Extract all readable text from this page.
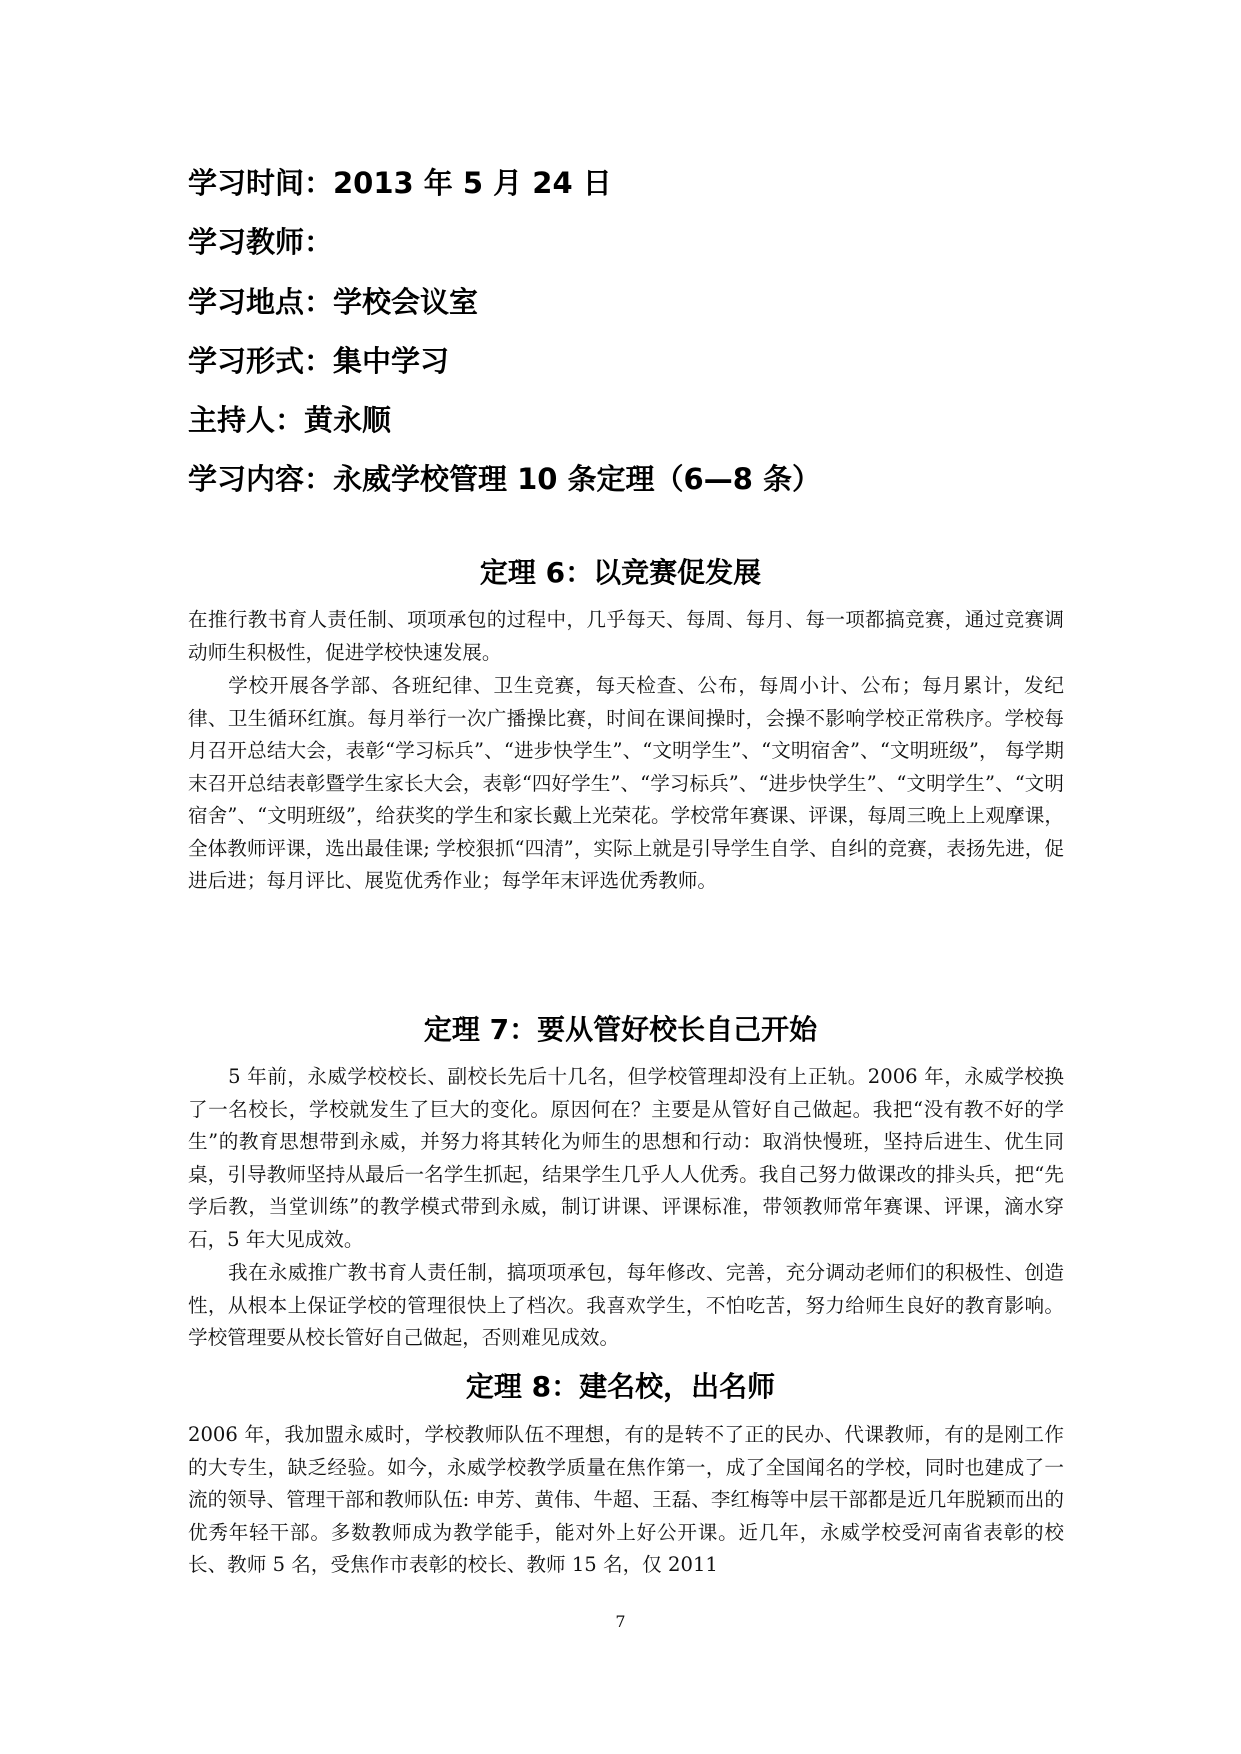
学习时间：2013 年 5 月 24 日
学习教师：
学习地点：学校会议室
学习形式：集中学习
主持人：黄永顺
学习内容：永威学校管理 10 条定理（6—8 条）
定理 6：以竞赛促发展

在推行教书育人责任制、项项承包的过程中，几乎每天、每周、每月、每一项都搞竞赛，通过竞赛调动师生积极性，促进学校快速发展。

学校开展各学部、各班纪律、卫生竞赛，每天检查、公布，每周小计、公布；每月累计，发纪律、卫生循环红旗。每月举行一次广播操比赛，时间在课间操时，会操不影响学校正常秩序。学校每月召开总结大会，表彰“学习标兵”、“进步快学生”、“文明学生”、“文明宿舍”、“文明班级”， 每学期末召开总结表彰暨学生家长大会，表彰“四好学生”、“学习标兵”、“进步快学生”、“文明学生”、“文明宿舍”、“文明班级”，给获奖的学生和家长戴上光荣花。学校常年赛课、评课，每周三晚上上观摩课，全体教师评课，选出最佳课; 学校狠抓“四清”，实际上就是引导学生自学、自纠的竞赛，表扬先进，促进后进；每月评比、展览优秀作业；每学年末评选优秀教师。

定理 7：要从管好校长自己开始

5 年前，永威学校校长、副校长先后十几名，但学校管理却没有上正轨。2006 年，永威学校换了一名校长，学校就发生了巨大的变化。原因何在？主要是从管好自己做起。我把“没有教不好的学生”的教育思想带到永威，并努力将其转化为师生的思想和行动：取消快慢班，坚持后进生、优生同桌，引导教师坚持从最后一名学生抓起，结果学生几乎人人优秀。我自己努力做课改的排头兵，把“先学后教，当堂训练”的教学模式带到永威，制订讲课、评课标准，带领教师常年赛课、评课，滴水穿石，5 年大见成效。

我在永威推广教书育人责任制，搞项项承包，每年修改、完善，充分调动老师们的积极性、创造性，从根本上保证学校的管理很快上了档次。我喜欢学生，不怕吃苦，努力给师生良好的教育影响。学校管理要从校长管好自己做起，否则难见成效。

定理 8：建名校，出名师

2006 年，我加盟永威时，学校教师队伍不理想，有的是转不了正的民办、代课教师，有的是刚工作的大专生，缺乏经验。如今，永威学校教学质量在焦作第一，成了全国闻名的学校，同时也建成了一流的领导、管理干部和教师队伍: 申芳、黄伟、牛超、王磊、李红梅等中层干部都是近几年脱颖而出的优秀年轻干部。多数教师成为教学能手，能对外上好公开课。近几年，永威学校受河南省表彰的校长、教师 5 名，受焦作市表彰的校长、教师 15 名，仅 2011

7
